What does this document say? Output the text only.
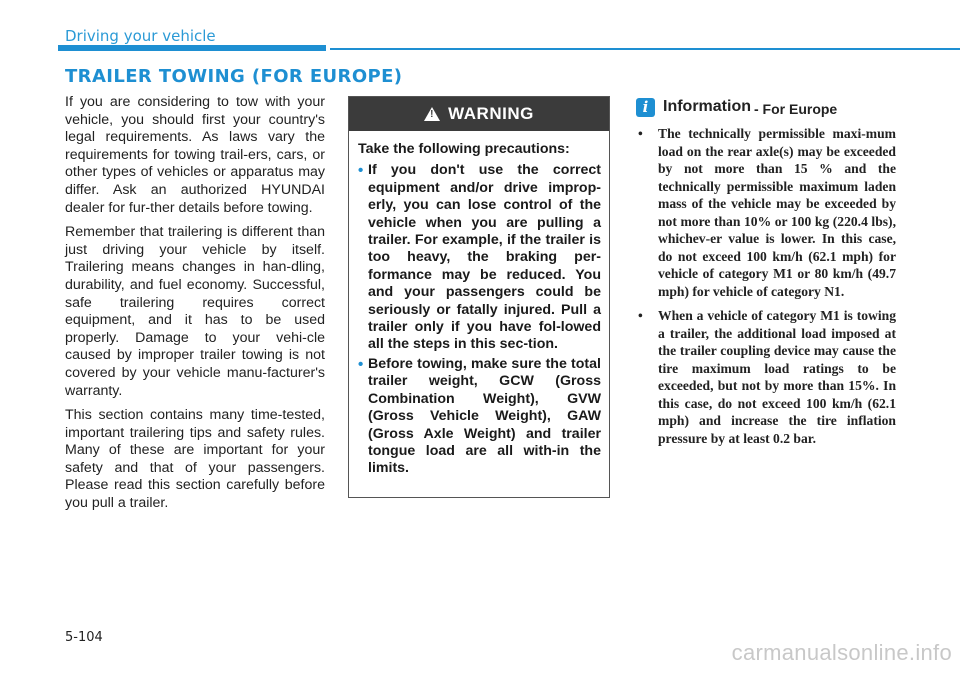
Driving your vehicle
TRAILER TOWING (FOR EUROPE)

If you are considering to tow with your vehicle, you should first your country's legal requirements. As laws vary the requirements for towing trail-ers, cars, or other types of vehicles or apparatus may differ. Ask an authorized HYUNDAI dealer for fur-ther details before towing.

Remember that trailering is different than just driving your vehicle by itself. Trailering means changes in han-dling, durability, and fuel economy. Successful, safe trailering requires correct equipment, and it has to be used properly. Damage to your vehi-cle caused by improper trailer towing is not covered by your vehicle manu-facturer's warranty.

This section contains many time-tested, important trailering tips and safety rules. Many of these are important for your safety and that of your passengers. Please read this section carefully before you pull a trailer.

!
WARNING
Take the following precautions:
• If you don't use the correct equipment and/or drive improp-erly, you can lose control of the vehicle when you are pulling a trailer. For example, if the trailer is too heavy, the braking per-formance may be reduced. You and your passengers could be seriously or fatally injured. Pull a trailer only if you have fol-lowed all the steps in this sec-tion.
• Before towing, make sure the total trailer weight, GCW (Gross Combination Weight), GVW (Gross Vehicle Weight), GAW (Gross Axle Weight) and trailer tongue load are all with-in the limits.
i Information - For Europe
•	The technically permissible maxi-mum load on the rear axle(s) may be exceeded by not more than 15 % and the technically permissible maximum laden mass of the vehicle may be exceeded by not more than 10% or 100 kg (220.4 lbs), whichev-er value is lower. In this case, do not exceed 100 km/h (62.1 mph) for vehicle of category M1 or 80 km/h (49.7 mph) for vehicle of category N1.
•	When a vehicle of category M1 is towing a trailer, the additional load imposed at the trailer coupling device may cause the tire maximum load ratings to be exceeded, but not by more than 15%. In this case, do not exceed 100 km/h (62.1 mph) and increase the tire inflation pressure by at least 0.2 bar.
5-104
carmanualsonline.info
